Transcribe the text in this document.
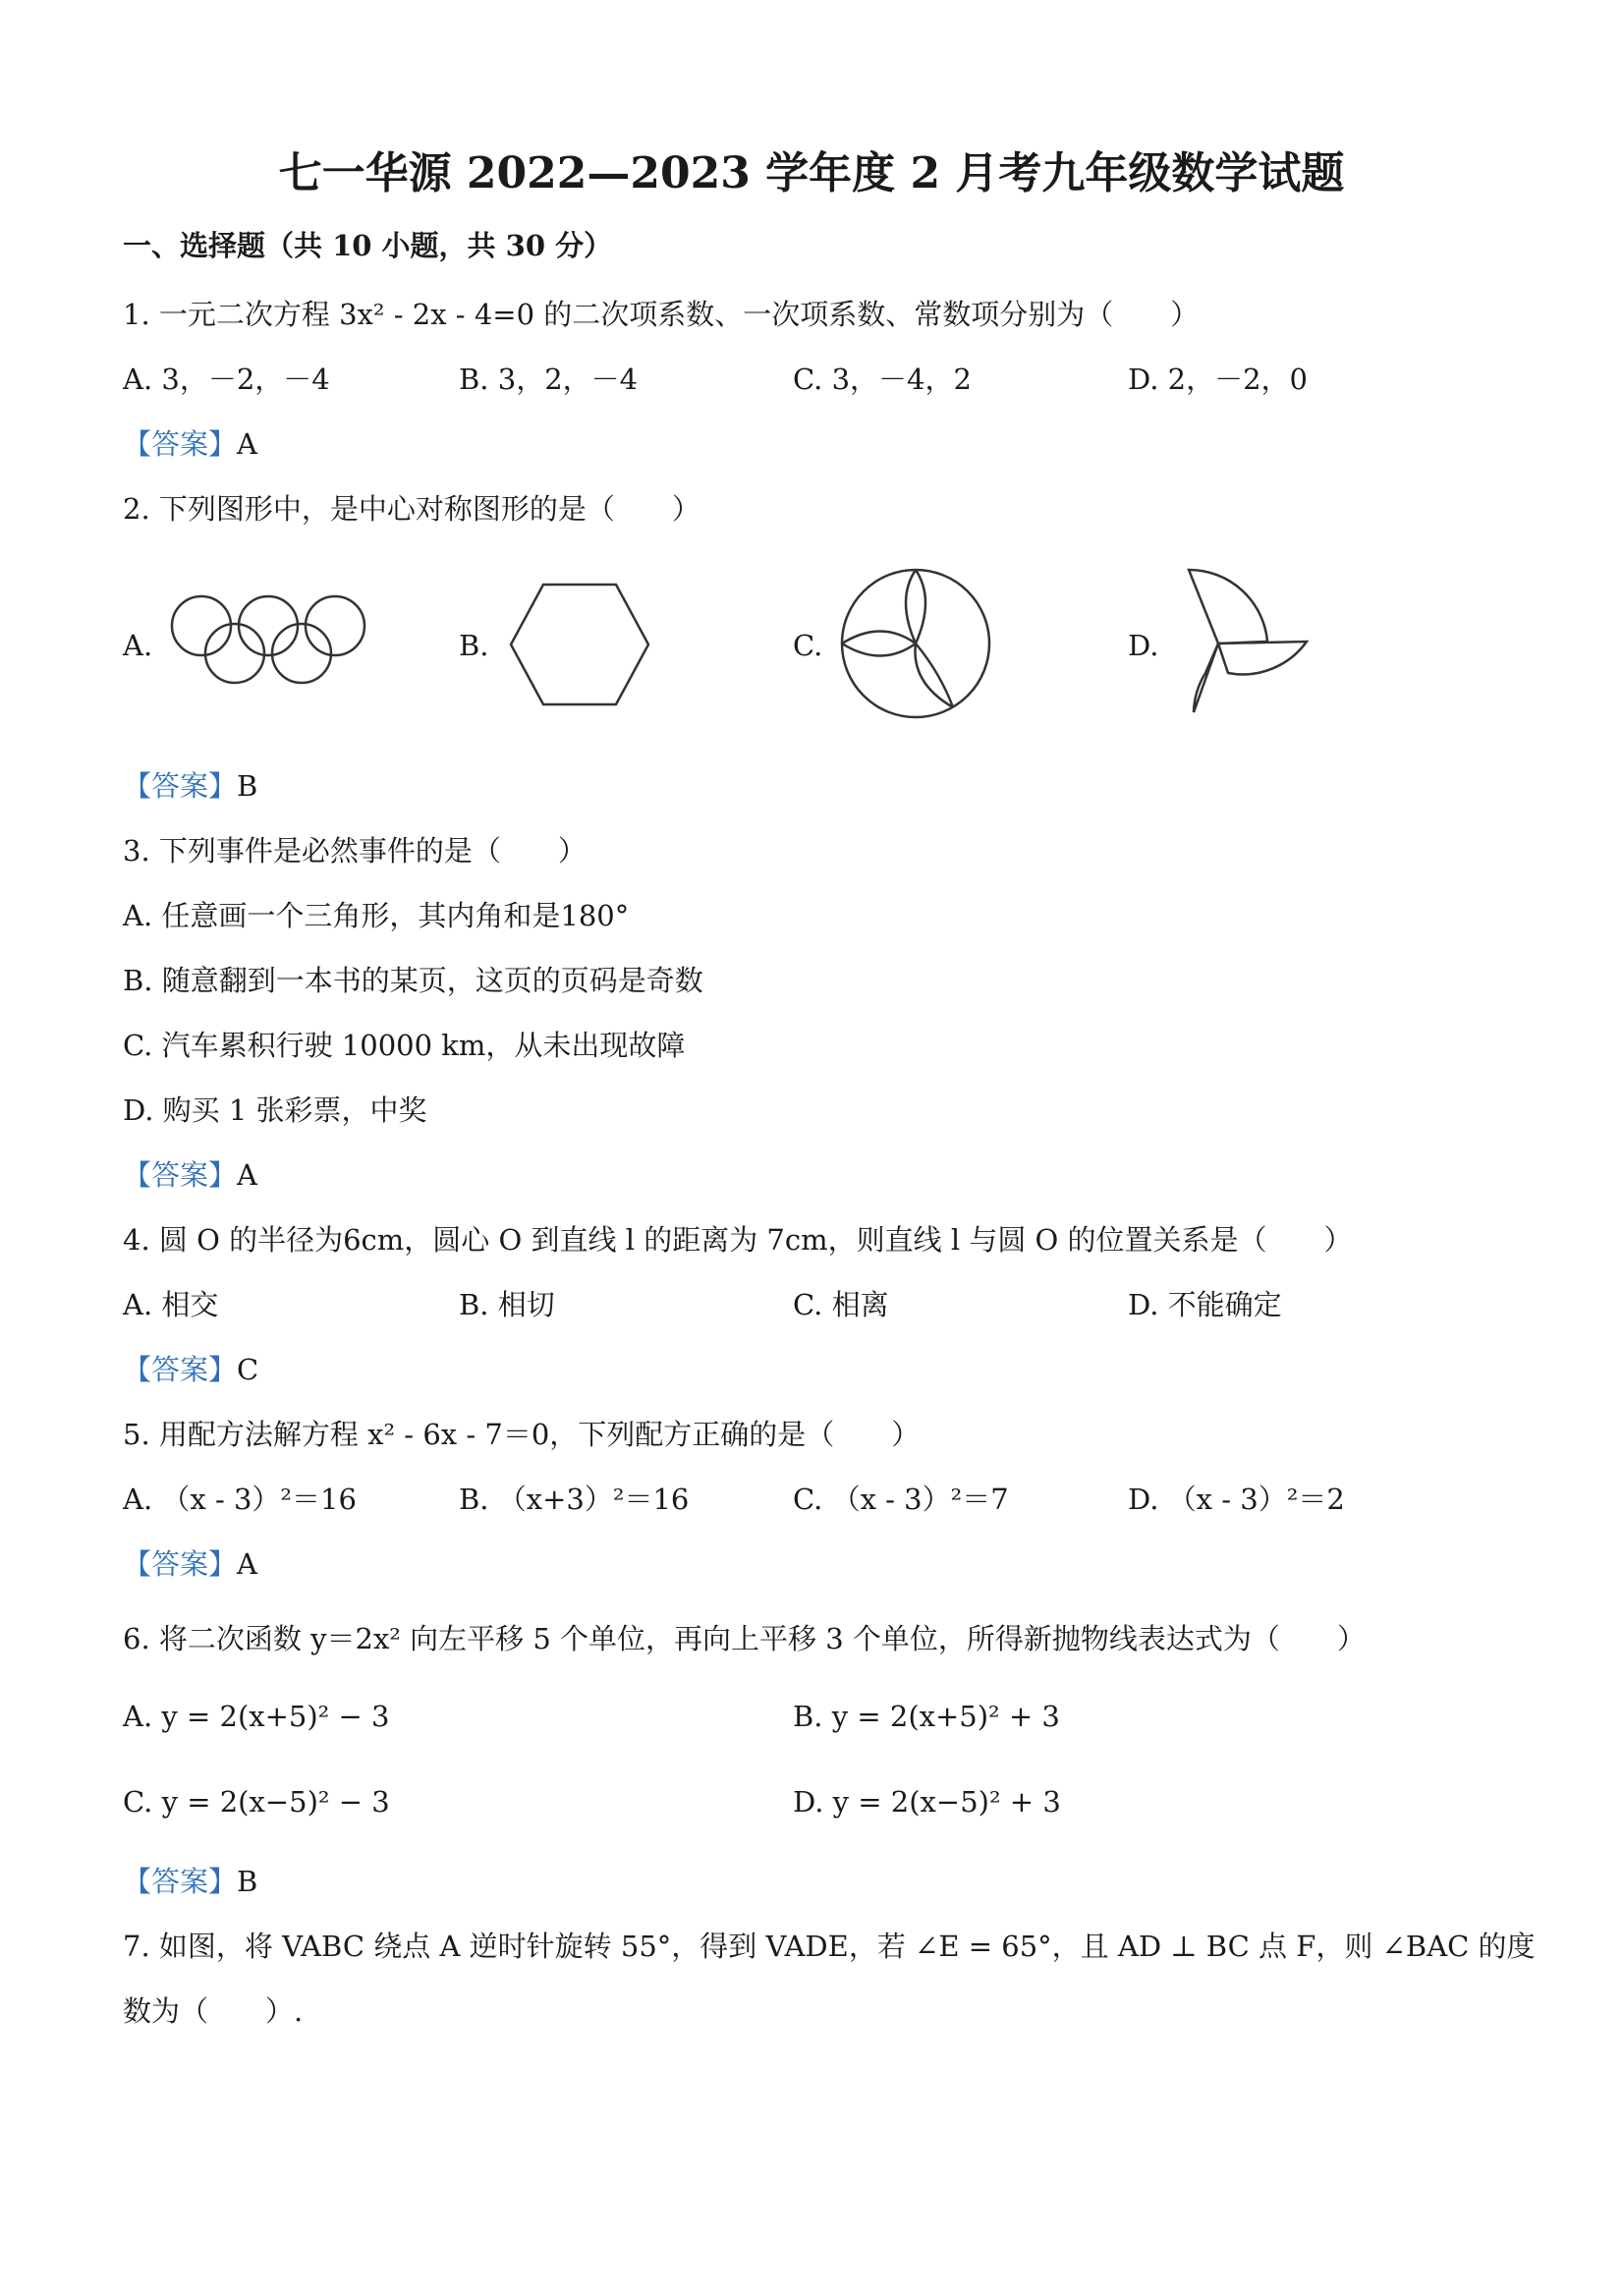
七一华源 2022—2023 学年度 2 月考九年级数学试题
一、选择题（共 10 小题，共 30 分）
1. 一元二次方程 3x² - 2x - 4=0 的二次项系数、一次项系数、常数项分别为（　　）
A. 3，－2，－4	B. 3，2，－4	C. 3，－4，2	D. 2，－2，0
【答案】A
2. 下列图形中，是中心对称图形的是（　　）
A.	B.	C.	D.
【答案】B
3. 下列事件是必然事件的是（　　）
A. 任意画一个三角形，其内角和是180°
B. 随意翻到一本书的某页，这页的页码是奇数
C. 汽车累积行驶 10000 km，从未出现故障
D. 购买 1 张彩票，中奖
【答案】A
4. 圆 O 的半径为6cm，圆心 O 到直线 l 的距离为 7cm，则直线 l 与圆 O 的位置关系是（　　）
A. 相交	B. 相切	C. 相离	D. 不能确定
【答案】C
5. 用配方法解方程 x² - 6x - 7＝0，下列配方正确的是（　　）
A. （x - 3）²＝16	B. （x+3）²＝16	C. （x - 3）²＝7	D. （x - 3）²＝2
【答案】A
6. 将二次函数 y＝2x² 向左平移 5 个单位，再向上平移 3 个单位，所得新抛物线表达式为（　　）
A. y = 2(x+5)² − 3	B. y = 2(x+5)² + 3
C. y = 2(x−5)² − 3	D. y = 2(x−5)² + 3
【答案】B
7. 如图，将 VABC 绕点 A 逆时针旋转 55°，得到 VADE，若 ∠E = 65°，且 AD ⊥ BC 点 F，则 ∠BAC 的度
数为（　　）.
